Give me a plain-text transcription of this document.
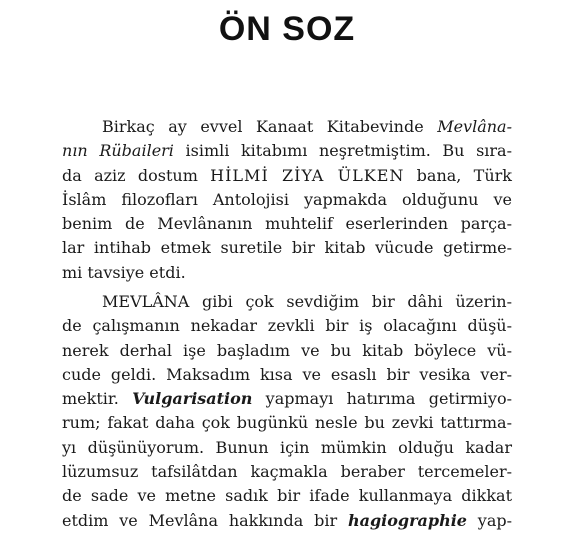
ÖN SOZ
Birkaç ay evvel Kanaat Kitabevinde Mevlâna-
nın Rübaileri isimli kitabımı neşretmiştim. Bu sıra-
da aziz dostum HİLMİ ZİYA ÜLKEN bana, Türk
İslâm filozofları Antolojisi yapmakda olduğunu ve
benim de Mevlânanın muhtelif eserlerinden parça-
lar intihab etmek suretile bir kitab vücude getirme-
mi tavsiye etdi.
MEVLÂNA gibi çok sevdiğim bir dâhi üzerin-
de çalışmanın nekadar zevkli bir iş olacağını düşü-
nerek derhal işe başladım ve bu kitab böylece vü-
cude geldi. Maksadım kısa ve esaslı bir vesika ver-
mektir. Vulgarisation yapmayı hatırıma getirmiyo-
rum; fakat daha çok bugünkü nesle bu zevki tattırma-
yı düşünüyorum. Bunun için mümkin olduğu kadar
lüzumsuz tafsilâtdan kaçmakla beraber tercemeler-
de sade ve metne sadık bir ifade kullanmaya dikkat
etdim ve Mevlâna hakkında bir hagiographie yap-
